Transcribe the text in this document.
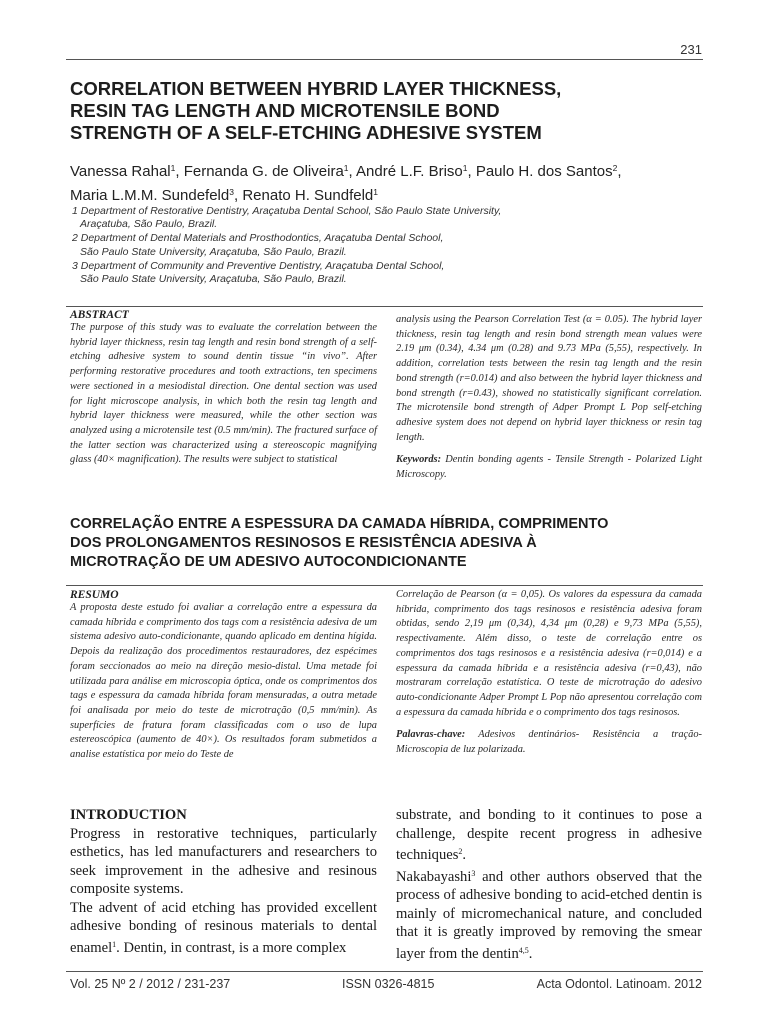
231
CORRELATION BETWEEN HYBRID LAYER THICKNESS,
RESIN TAG LENGTH AND MICROTENSILE BOND
STRENGTH OF A SELF-ETCHING ADHESIVE SYSTEM
Vanessa Rahal$^1$, Fernanda G. de Oliveira$^1$, André L.F. Briso$^1$, Paulo H. dos Santos$^2$,
Maria L.M.M. Sundefeld$^3$, Renato H. Sundfeld$^1$
1 Department of Restorative Dentistry, Araçatuba Dental School, São Paulo State University,
Araçatuba, São Paulo, Brazil.
2 Department of Dental Materials and Prosthodontics, Araçatuba Dental School,
São Paulo State University, Araçatuba, São Paulo, Brazil.
3 Department of Community and Preventive Dentistry, Araçatuba Dental School,
São Paulo State University, Araçatuba, São Paulo, Brazil.
ABSTRACT
The purpose of this study was to evaluate the correlation between the hybrid layer thickness, resin tag length and resin bond strength of a self-etching adhesive system to sound dentin tissue “in vivo”. After performing restorative procedures and tooth extractions, ten specimens were sectioned in a mesiodistal direction. One dental section was used for light microscope analysis, in which both the resin tag length and hybrid layer thickness were measured, while the other section was analyzed using a microtensile test (0.5 mm/min). The fractured surface of the latter section was characterized using a stereoscopic magnifying glass (40× magnification). The results were subject to statistical
analysis using the Pearson Correlation Test (α = 0.05). The hybrid layer thickness, resin tag length and resin bond strength mean values were 2.19 μm (0.34), 4.34 μm (0.28) and 9.73 MPa (5,55), respectively. In addition, correlation tests between the resin tag length and the resin bond strength (r=0.014) and also between the hybrid layer thickness and bond strength (r=0.43), showed no statistically significant correlation. The microtensile bond strength of Adper Prompt L Pop self-etching adhesive system does not depend on hybrid layer thickness or resin tag length.
Keywords: Dentin bonding agents - Tensile Strength - Polarized Light Microscopy.
CORRELAÇÃO ENTRE A ESPESSURA DA CAMADA HÍBRIDA, COMPRIMENTO
DOS PROLONGAMENTOS RESINOSOS E RESISTÊNCIA ADESIVA À
MICROTRAÇÃO DE UM ADESIVO AUTOCONDICIONANTE
RESUMO
A proposta deste estudo foi avaliar a correlação entre a espessura da camada híbrida e comprimento dos tags com a resistência adesiva de um sistema adesivo auto-condicionante, quando aplicado em dentina hígida. Depois da realização dos procedimentos restauradores, dez espécimes foram seccionados ao meio na direção mesio-distal. Uma metade foi utilizada para análise em microscopia óptica, onde os comprimentos dos tags e espessura da camada híbrida foram mensuradas, a outra metade foi analisada por meio do teste de microtração (0,5 mm/min). As superfícies de fratura foram classificadas com o uso de lupa estereoscópica (aumento de 40×). Os resultados foram submetidos a analise estatística por meio do Teste de
Correlação de Pearson (α = 0,05). Os valores da espessura da camada híbrida, comprimento dos tags resinosos e resistência adesiva foram obtidas, sendo 2,19 μm (0,34), 4,34 μm (0,28) e 9,73 MPa (5,55), respectivamente. Além disso, o teste de correlação entre os comprimentos dos tags resinosos e a resistência adesiva (r=0,014) e a espessura da camada híbrida e a resistência adesiva (r=0,43), não mostraram correlação estatística. O teste de microtração do adesivo auto-condicionante Adper Prompt L Pop não apresentou correlação com a espessura da camada híbrida e o comprimento dos tags resinosos.
Palavras-chave: Adesivos dentinários- Resistência a tração- Microscopia de luz polarizada.
INTRODUCTION
Progress in restorative techniques, particularly esthetics, has led manufacturers and researchers to seek improvement in the adhesive and resinous composite systems.
The advent of acid etching has provided excellent adhesive bonding of resinous materials to dental enamel$^1$. Dentin, in contrast, is a more complex
substrate, and bonding to it continues to pose a challenge, despite recent progress in adhesive techniques$^2$.
Nakabayashi$^3$ and other authors observed that the process of adhesive bonding to acid-etched dentin is mainly of micromechanical nature, and concluded that it is greatly improved by removing the smear layer from the dentin$^{4,5}$.
Vol. 25 Nº 2 / 2012 / 231-237	ISSN 0326-4815	Acta Odontol. Latinoam. 2012
